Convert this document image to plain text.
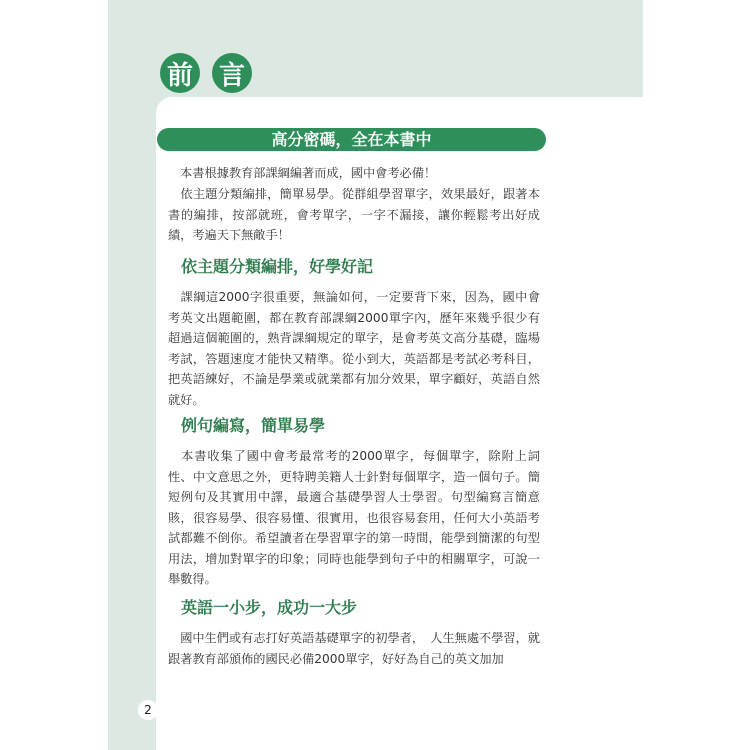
前 言
高分密碼，全在本書中

　本書根據教育部課綱編著而成，國中會考必備！

　依主題分類編排，簡單易學。從群組學習單字，效果最好，跟著本書的編排，按部就班，會考單字，一字不漏接，讓你輕鬆考出好成績，考遍天下無敵手！

依主題分類編排，好學好記

　課綱這2000字很重要，無論如何，一定要背下來，因為，國中會考英文出題範圍，都在教育部課綱2000單字內，歷年來幾乎很少有超過這個範圍的，熟背課綱規定的單字，是會考英文高分基礎，臨場考試，答題速度才能快又精準。從小到大，英語都是考試必考科目，把英語練好，不論是學業或就業都有加分效果，單字顧好，英語自然就好。

例句編寫，簡單易學

　本書收集了國中會考最常考的2000單字，每個單字，除附上詞性、中文意思之外，更特聘美籍人士針對每個單字，造一個句子。簡短例句及其實用中譯，最適合基礎學習人士學習。句型編寫言簡意賅，很容易學、很容易懂、很實用，也很容易套用，任何大小英語考試都難不倒你。希望讀者在學習單字的第一時間，能學到簡潔的句型用法，增加對單字的印象；同時也能學到句子中的相關單字，可說一舉數得。

英語一小步，成功一大步

　國中生們或有志打好英語基礎單字的初學者，　人生無處不學習，就跟著教育部頒佈的國民必備2000單字，好好為自己的英文加加

2
